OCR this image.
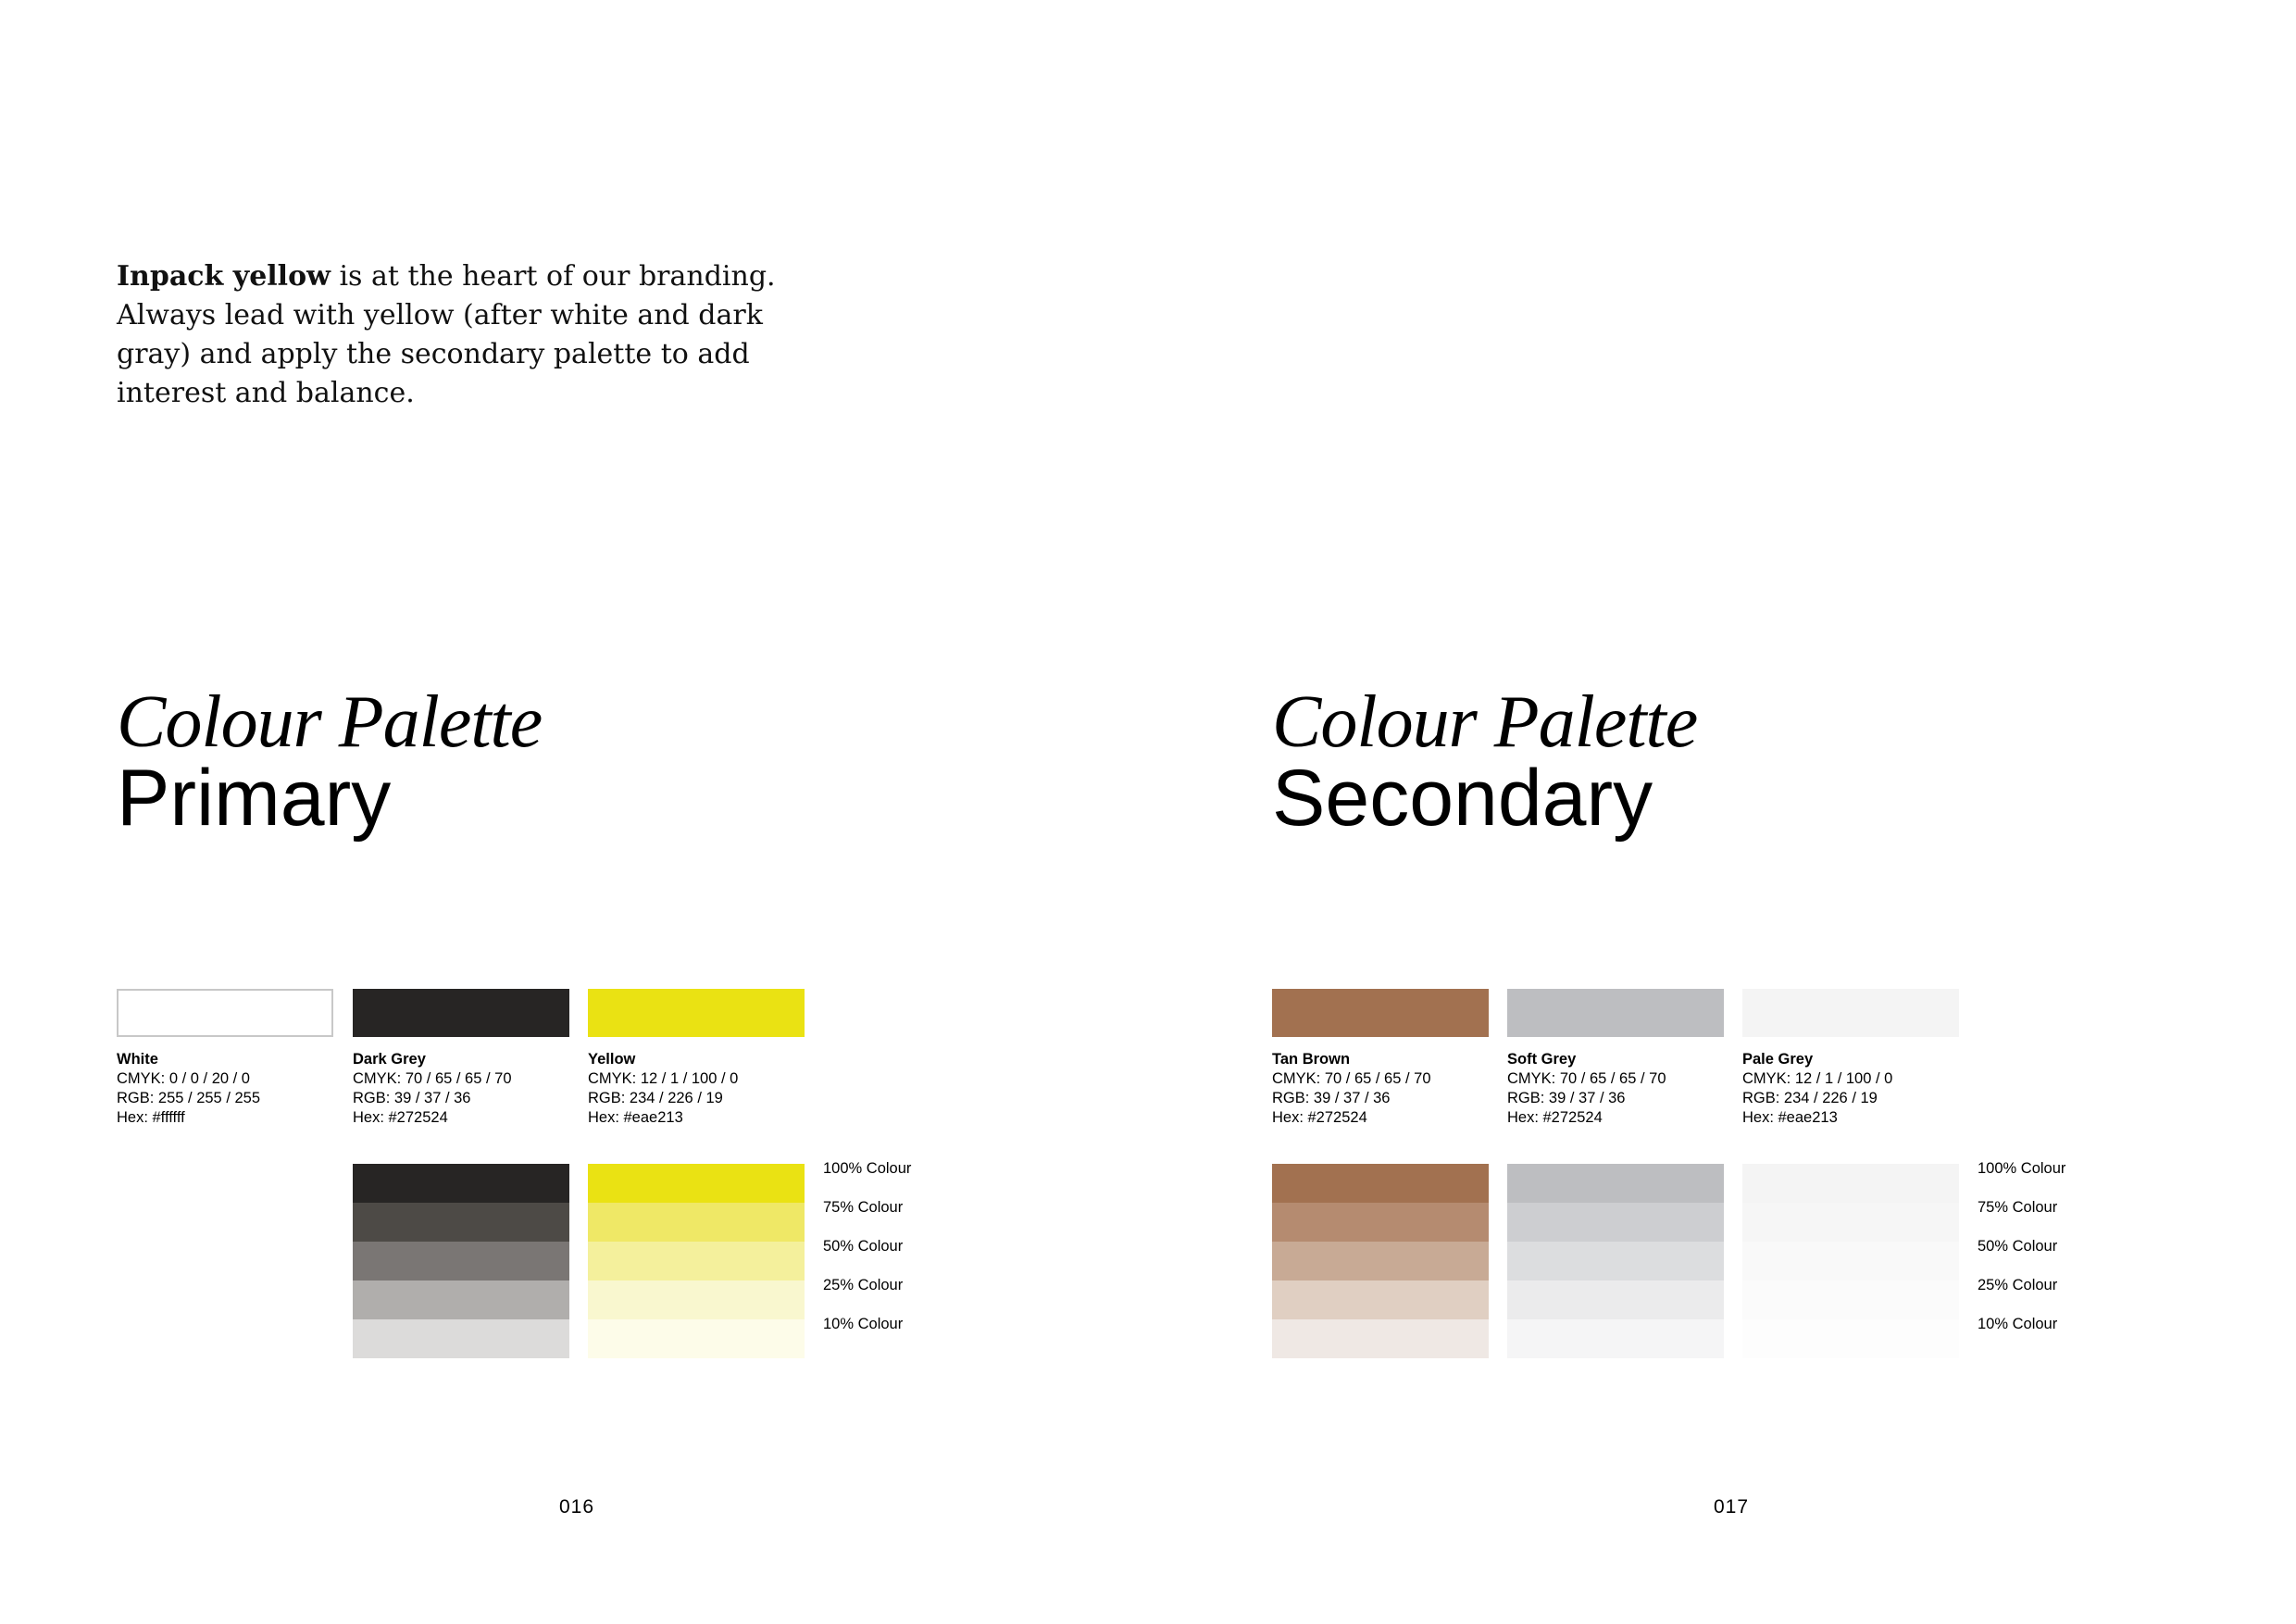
Inpack yellow is at the heart of our branding. Always lead with yellow (after white and dark gray) and apply the secondary palette to add interest and balance.

Colour Palette
Primary
White
CMYK: 0 / 0 / 20 / 0
RGB: 255 / 255 / 255
Hex: #ffffff
Dark Grey
CMYK: 70 / 65 / 65 / 70
RGB: 39 / 37 / 36
Hex: #272524
Yellow
CMYK: 12 / 1 / 100 / 0
RGB: 234 / 226 / 19
Hex: #eae213
100% Colour
75% Colour
50% Colour
25% Colour
10% Colour
016
Colour Palette
Secondary
Tan Brown
CMYK: 70 / 65 / 65 / 70
RGB: 39 / 37 / 36
Hex: #272524
Soft Grey
CMYK: 70 / 65 / 65 / 70
RGB: 39 / 37 / 36
Hex: #272524
Pale Grey
CMYK: 12 / 1 / 100 / 0
RGB: 234 / 226 / 19
Hex: #eae213
100% Colour
75% Colour
50% Colour
25% Colour
10% Colour
017
